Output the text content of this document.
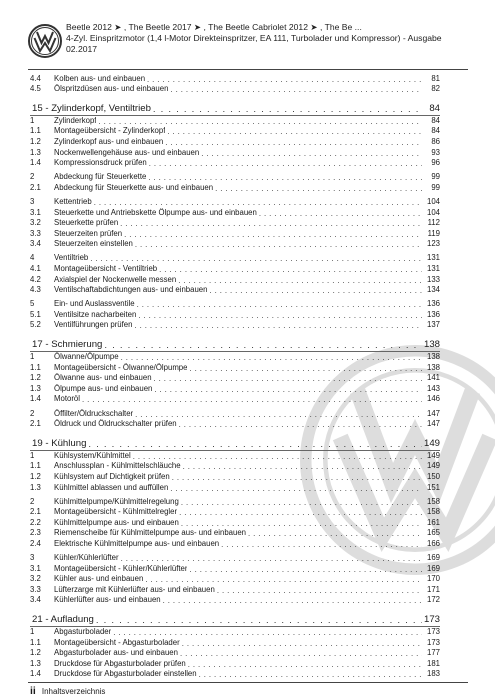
Beetle 2012 ➤ , The Beetle 2017 ➤ , The Beetle Cabriolet 2012 ➤ , The Be ...
4-Zyl. Einspritzmotor (1,4 l-Motor Direkteinspritzer, EA 111, Turbolader und Kompressor) - Ausgabe
02.2017
4.4	Kolben aus- und einbauen . . .	81
4.5	Ölspritzdüsen aus- und einbauen . . .	82
15 - Zylinderkopf, Ventiltrieb . . .	84
1	Zylinderkopf . . .	84
1.1	Montageübersicht - Zylinderkopf . . .	84
1.2	Zylinderkopf aus- und einbauen . . .	86
1.3	Nockenwellengehäuse aus- und einbauen . . .	93
1.4	Kompressionsdruck prüfen . . .	96
2	Abdeckung für Steuerkette . . .	99
2.1	Abdeckung für Steuerkette aus- und einbauen . . .	99
3	Kettentrieb . . .	104
3.1	Steuerkette und Antriebskette Ölpumpe aus- und einbauen . . .	104
3.2	Steuerkette prüfen . . .	112
3.3	Steuerzeiten prüfen . . .	119
3.4	Steuerzeiten einstellen . . .	123
4	Ventiltrieb . . .	131
4.1	Montageübersicht - Ventiltrieb . . .	131
4.2	Axialspiel der Nockenwelle messen . . .	133
4.3	Ventilschaftabdichtungen aus- und einbauen . . .	134
5	Ein- und Auslassventile . . .	136
5.1	Ventilsitze nacharbeiten . . .	136
5.2	Ventilführungen prüfen . . .	137
17 - Schmierung . . .	138
1	Ölwanne/Ölpumpe . . .	138
1.1	Montageübersicht - Ölwanne/Ölpumpe . . .	138
1.2	Ölwanne aus- und einbauen . . .	141
1.3	Ölpumpe aus- und einbauen . . .	143
1.4	Motoröl . . .	146
2	Öffilter/Öldruckschalter . . .	147
2.1	Öldruck und Öldruckschalter prüfen . . .	147
19 - Kühlung . . .	149
1	Kühlsystem/Kühlmittel . . .	149
1.1	Anschlussplan - Kühlmittelschläuche . . .	149
1.2	Kühlsystem auf Dichtigkeit prüfen . . .	150
1.3	Kühlmittel ablassen und auffüllen . . .	151
2	Kühlmittelpumpe/Kühlmittelregelung . . .	158
2.1	Montageübersicht - Kühlmittelregler . . .	158
2.2	Kühlmittelpumpe aus- und einbauen . . .	161
2.3	Riemenscheibe für Kühlmittelpumpe aus- und einbauen . . .	165
2.4	Elektrische Kühlmittelpumpe aus- und einbauen . . .	166
3	Kühler/Kühlerlüfter . . .	169
3.1	Montageübersicht - Kühler/Kühlerlüfter . . .	169
3.2	Kühler aus- und einbauen . . .	170
3.3	Lüfterzarge mit Kühlerlüfter aus- und einbauen . . .	171
3.4	Kühlerlüfter aus- und einbauen . . .	172
21 - Aufladung . . .	173
1	Abgasturbolader . . .	173
1.1	Montageübersicht - Abgasturbolader . . .	173
1.2	Abgasturbolader aus- und einbauen . . .	177
1.3	Druckdose für Abgasturbolader prüfen . . .	181
1.4	Druckdose für Abgasturbolader einstellen . . .	183
ii Inhaltsverzeichnis
